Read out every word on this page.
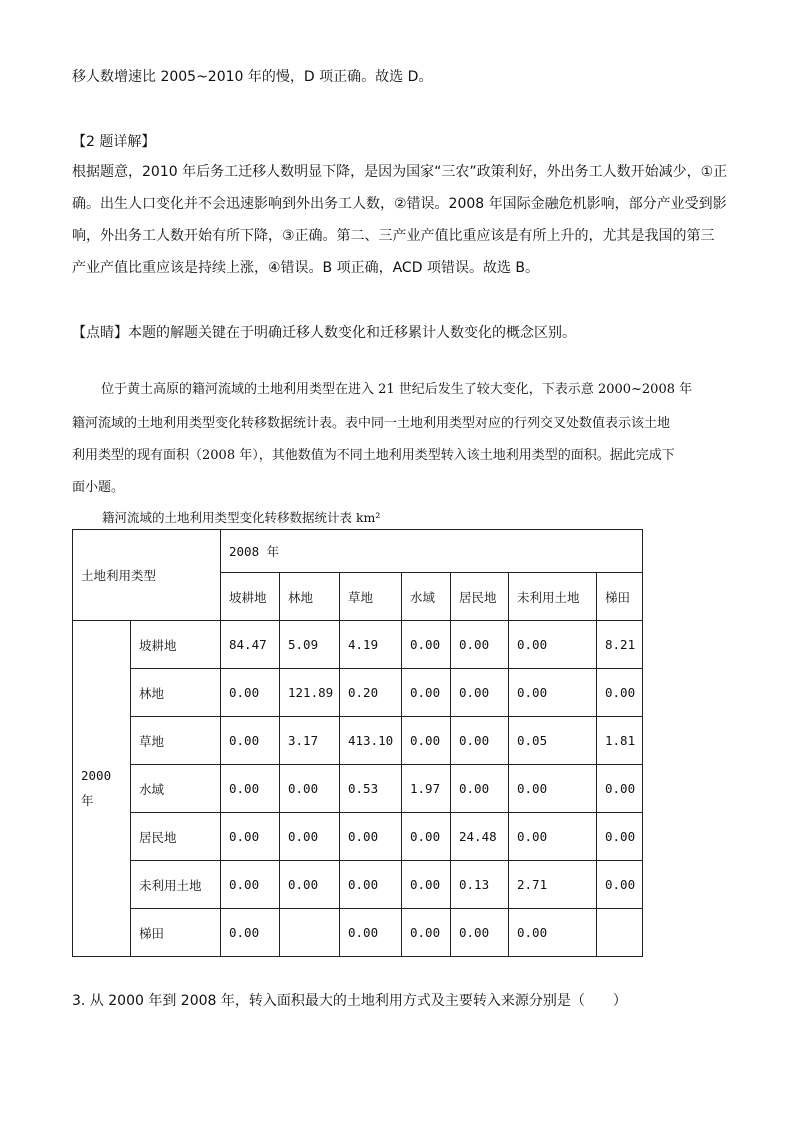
移人数增速比 2005~2010 年的慢，D 项正确。故选 D。
【2 题详解】
根据题意，2010 年后务工迁移人数明显下降，是因为国家“三农”政策利好，外出务工人数开始减少，①正
确。出生人口变化并不会迅速影响到外出务工人数，②错误。2008 年国际金融危机影响，部分产业受到影
响，外出务工人数开始有所下降，③正确。第二、三产业产值比重应该是有所上升的，尤其是我国的第三
产业产值比重应该是持续上涨，④错误。B 项正确，ACD 项错误。故选 B。
【点睛】本题的解题关键在于明确迁移人数变化和迁移累计人数变化的概念区别。
位于黄土高原的籍河流域的土地利用类型在进入 21 世纪后发生了较大变化，下表示意 2000~2008 年
籍河流域的土地利用类型变化转移数据统计表。表中同一土地利用类型对应的行列交叉处数值表示该土地
利用类型的现有面积（2008 年），其他数值为不同土地利用类型转入该土地利用类型的面积。据此完成下
面小题。
籍河流域的土地利用类型变化转移数据统计表 km²
土地利用类型		2008 年						
		坡耕地	林地	草地	水域	居民地	未利用土地	梯田

2000
年	坡耕地	84.47	5.09	4.19	0.00	0.00	0.00	8.21
	林地	0.00	121.89	0.20	0.00	0.00	0.00	0.00
	草地	0.00	3.17	413.10	0.00	0.00	0.05	1.81
	水域	0.00	0.00	0.53	1.97	0.00	0.00	0.00
	居民地	0.00	0.00	0.00	0.00	24.48	0.00	0.00
	未利用土地	0.00	0.00	0.00	0.00	0.13	2.71	0.00
	梯田	0.00		0.00	0.00	0.00	0.00	
3. 从 2000 年到 2008 年，转入面积最大的土地利用方式及主要转入来源分别是（　　）
